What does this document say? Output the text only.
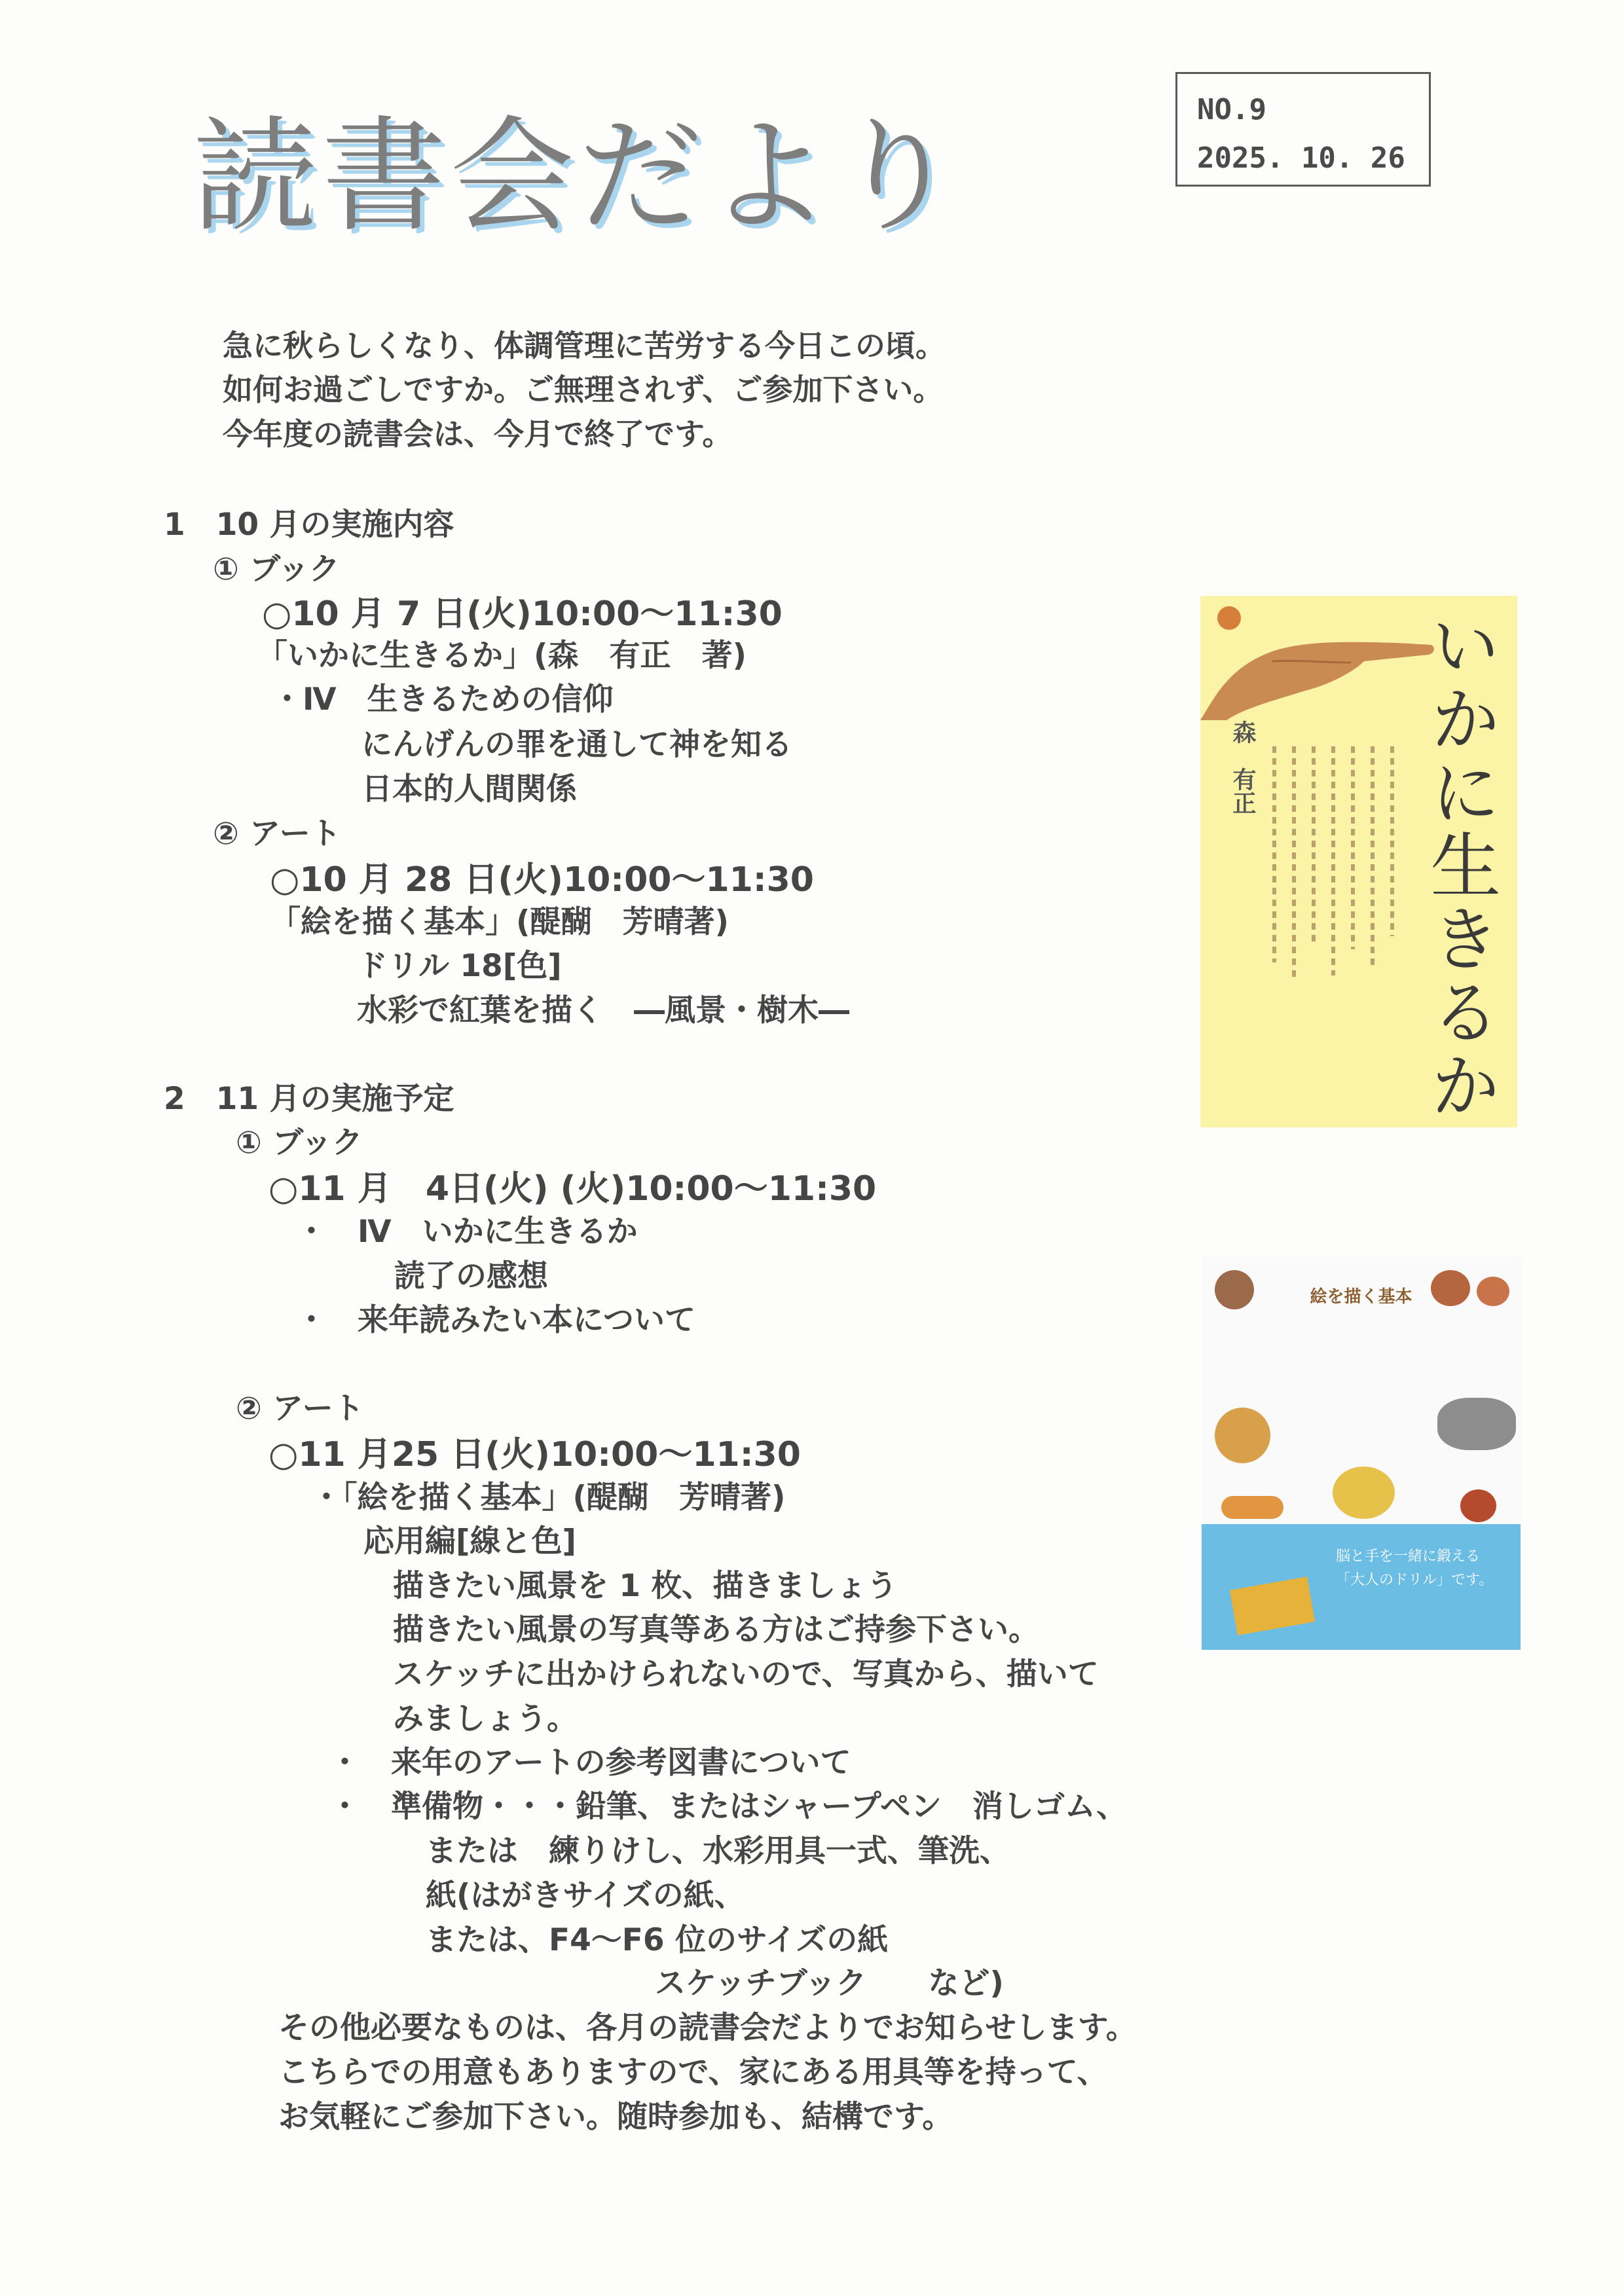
読書会だより	NO.9
2025. 10. 26
急に秋らしくなり、体調管理に苦労する今日この頃。
如何お過ごしですか。ご無理されず、ご参加下さい。
今年度の読書会は、今月で終了です。
1　10 月の実施内容
① ブック
○10 月 7 日(火)10:00～11:30
「いかに生きるか」(森　有正　著)
・Ⅳ　生きるための信仰
にんげんの罪を通して神を知る
日本的人間関係
② アート
○10 月 28 日(火)10:00～11:30
「絵を描く基本」(醍醐　芳晴著)
ドリル 18[色]
水彩で紅葉を描く　―風景・樹木―
2　11 月の実施予定
① ブック
○11 月　4日(火) (火)10:00～11:30
・　Ⅳ　いかに生きるか
読了の感想
・　来年読みたい本について
② アート
○11 月25 日(火)10:00～11:30
・「絵を描く基本」(醍醐　芳晴著)
応用編[線と色]
描きたい風景を 1 枚、描きましょう
描きたい風景の写真等ある方はご持参下さい。
スケッチに出かけられないので、写真から、描いて
みましょう。
・　来年のアートの参考図書について
・　準備物・・・鉛筆、またはシャープペン　消しゴム、
または　練りけし、水彩用具一式、筆洗、
紙(はがきサイズの紙、
または、F4～F6 位のサイズの紙
スケッチブック　　など)
その他必要なものは、各月の読書会だよりでお知らせします。
こちらでの用意もありますので、家にある用具等を持って、
お気軽にご参加下さい。随時参加も、結構です。
森　有正 いかに生きるか
絵を描く基本
脳と手を一緒に鍛える
「大人のドリル」です。
